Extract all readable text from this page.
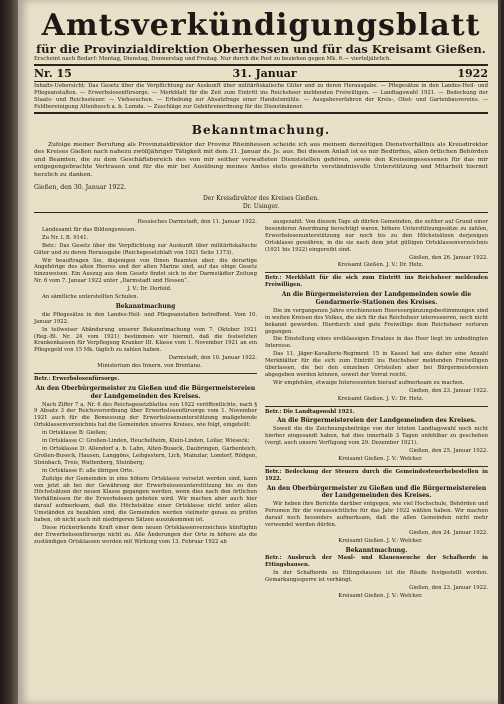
Amtsverkündigungsblatt
für die Provinzialdirektion Oberhessen und für das Kreisamt Gießen.
Erscheint nach Bedarf: Montag, Dienstag, Donnerstag und Freitag. Nur durch die Post zu beziehen gegen Mk. 6.— vierteljährlich.
Nr. 15	31. Januar	1922
Inhalts-Uebersicht: Das Gesetz über die Verpflichtung zur Auskunft über militärfiskalische Güter und zu deren Herausgabe. — Pflegesätze in den Landes-Heil- und Pflegeanstalten. — Erwerbslosenfürsorge. — Merkblatt für die Zeit zum Eintritt ins Reichsheer meldenden Freiwilligen. — Landtagswahl 1921. — Bedeckung der Staats- und Reichssteuer. — Viehseuchen. — Erhebung zur Absatzfrage einer Handelsmühle. — Ausgabeverfahren der Kreis-, Obst- und Gartenbauvereins. — Feldbereinigung Altenbusch a. b. Lumda. — Zuschläge zur Gebührenordnung für die Dienstmänner.
Bekanntmachung.
Zufolge meiner Berufung als Provinzialdirektor der Provinz Rheinhessen scheide ich aus meinem derzeitigen Dienstverhältnis als Kreisdirektor des Kreises Gießen nach nahezu zwölfjähriger Tätigkeit mit dem 31. Januar ds. Js. aus. Bei diesem Anlaß ist es mir Bedürfnis, allen örtlichen Behörden und Beamten, die zu dem Geschäftsbereich des von mir seither verwalteten Dienststellen gehören, sowie den Kreiseingesessenen für das mir entgegengebrachte Vertrauen und für die mir bei Ausübung meines Amtes stets gewährte verständnisvolle Unterstützung und Mitarbeit hiermit herzlich zu danken.
Gießen, den 30. Januar 1922.
Der Kreisdirektor des Kreises Gießen.
Dr. Usinger.

Hessisches Darmstadt, den 11. Januar 1922.

Landesamt für das Bildungswesen.

Zu Nr. L B. 9141.

Betr.: Das Gesetz über die Verpflichtung zur Auskunft über militärfiskalische Güter und zu deren Herausgabe (Reichsgesetzblatt von 1921 Seite 1373).

Wir beauftragen Sie, diejenigen von Ihnen Beamten aber, die derartige Angehörige des alten Heeres und der alten Marine sind, auf das obige Gesetz hinzuweisen. Ein Auszug aus dem Gesetz findet sich in der Darmstädter Zeitung Nr. 6 vom 7. Januar 1922 unter „Darmstadt und Hessen“.

J. V.: Dr. Dorfeld.

An sämtliche unterstellten Schulen.

Bekanntmachung

die Pflegesätze in den Landes-Heil- und Pflegeanstalten betreffend. Vom 10. Januar 1922.

In teilweiser Abänderung unserer Bekanntmachung vom 7. Oktober 1921 (Reg.-Bl. Nr. 24 vom 1921) bestimmen wir hiermit, daß die festsetzten Krankenkassen für Verpflegung Kranker III. Klasse vom 1. November 1921 an ein Pflegegeld von 15 Mk. täglich zu zahlen haben.

Darmstadt, den 10. Januar 1922.

Ministerium des Innern. von Brentano.

Betr.: Erwerbslosenfürsorge.

An den Oberbürgermeister zu Gießen und die Bürgermeistereien der Landgemeinden des Kreises.

Nach Ziffer 7 a, Nr. 6 des Reichsgesetzblattes von 1922 veröffentlichte, nach § 9 Absatz 3 der Reichsverordnung über Erwerbslosenfürsorge vom 1. November 1921 auch für die Bemessung der Erwerbslosenunterstützung maßgebende Ortsklassenverzeichnis hat die Gemeinden unseres Kreises, wie folgt, eingeteilt:

in Ortsklasse B: Gießen;

in Ortsklasse C: Großen-Linden, Heuchelheim, Klein-Linden, Lollar, Wieseck;

in Ortsklasse D: Allendorf a. b. Lahn, Alten-Buseck, Daubringen, Garbenteich, Großen-Buseck, Hausen, Langgöns, Leihgestern, Lich, Mainzlar, Londorf, Rödgen, Steinbach, Treis, Wattenberg, Steinberg;

in Ortsklasse E: alle übrigen Orte.

Zufolge der Gemeinden in eine höhere Ortsklasse versetzt werden sind, kann von jetzt ab bei der Gewährung der Erwerbslosenunterstützung bis zu den Höchstsätzen der neuen Klasse gegangen werden, wenn dies nach den örtlichen Verhältnissen für die Erwerbslosen geboten wird. Wir machen aber auch hier darauf aufmerksam, daß die Höchstsätze einer Ortsklasse nicht unter allen Umständen zu bezahlen sind, die Gemeinden werden vielmehr genau zu prüfen haben, ob nicht auch mit niedrigeren Sätzen auszukommen ist.

Diese rückwirkende Kraft einer dem neuen Ortsklassenverzeichnis künftighin der Erwerbslosenfürsorge nicht zu. Alle Änderungen der Orte in höhere als die zuständigen Ortsklassen werden mit Wirkung vom 13. Februar 1922 ab

ausgezahlt. Von diesem Tage ab dürfen Gemeinden, die seither auf Grund einer besonderen Anordnung berechtigt waren, höhere Unterstützungssätze zu zahlen, Erwerbslosenunterstützung nur noch bis zu den Höchstsätzen derjenigen Ortsklasse gewähren, in die sie nach dem jetzt gültigen Ortsklassenverzeichnis (1921 bis 1922) eingereiht sind.

Gießen, den 26. Januar 1922.

Kreisamt Gießen. J. V.: Dr. Hetz.

Betr.: Merkblatt für die sich zum Eintritt ins Reichsheer meldenden Freiwilligen.

An die Bürgermeistereien der Landgemeinden sowie die Gendarmerie-Stationen des Kreises.

Die im vergangenen Jahre erschienenen Heeresergänzungsbestimmungen sind in weiten Kreisen des Volkes, die sich für das Reichsheer interessieren, noch nicht bekannt geworden. Hierdurch sind gute Freiwillige dem Reichsheer verloren gegangen.

Die Einstellung eines erstklassigen Ersatzes in das Heer liegt im unbedingten Interesse.

Das 11. Jäger-Kavallerie-Regiment 15 in Kassel hat uns daher eine Anzahl Merkblätter für die sich zum Eintritt ins Reichsheer meldenden Freiwilligen überlassen, die bei den einzelnen Ortsteilen aber bei Bürgermeistereien abgegeben werden können, soweit der Vorrat reicht.

Wir empfehlen, etwaige Interessenten hierauf aufmerksam zu machen.

Gießen, den 23. Januar 1922.

Kreisamt Gießen. J. V.: Dr. Hetz.

Betr.: Die Landtagswahl 1921.

An die Bürgermeistereien der Landgemeinden des Kreises.

Soweit die die Zeichnungsbeiträge von der letzten Landtagswahl noch nicht hierher eingesandt haben, hat dies innerhalb 3 Tagen unfehlbar zu geschehen (vergl. auch unsere Verfügung vom 29. Dezember 1921).

Gießen, den 25. Januar 1922.

Kreisamt Gießen. J. V.: Welcker.

Betr.: Bedeckung der Steuern durch die Gemeindesteuerhebestellen in 1922.

An den Oberbürgermeister zu Gießen und die Bürgermeistereien der Landgemeinden des Kreises.

Wir heben ihre Berichte darüber entgegen, wie viel Hochschule, Behörden und Personen für die voraussichtliche für das Jahr 1922 wählen haben. Wir machen darauf noch besonders aufmerksam, daß die allen Gemeinden nicht mehr verwendet werden dürfen.

Gießen, den 24. Januar 1922.

Kreisamt Gießen. J. V.: Welcker.

Bekanntmachung.

Betr.: Ausbruch der Maul- und Klauenseuche der Schafherde in Ettingshausen.

In der Schafherde zu Ettingshausen ist die Räude festgestellt worden. Gemarkungssperre ist verhängt.

Gießen, den 23. Januar 1922.

Kreisamt Gießen. J. V.: Welcker.
